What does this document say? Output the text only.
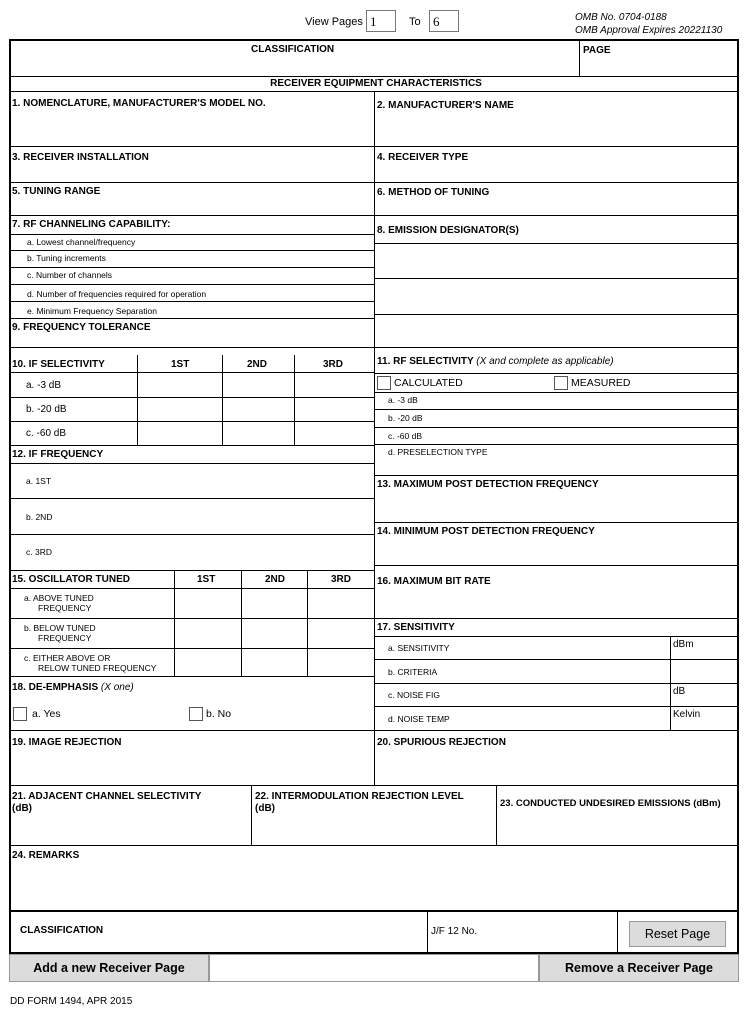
View Pages 1	To 6	OMB No. 0704-0188
OMB Approval Expires 20221130
CLASSIFICATION	PAGE
RECEIVER EQUIPMENT CHARACTERISTICS
1. NOMENCLATURE, MANUFACTURER'S MODEL NO.	2. MANUFACTURER'S NAME
3. RECEIVER INSTALLATION	4. RECEIVER TYPE
5. TUNING RANGE	6. METHOD OF TUNING
7. RF CHANNELING CAPABILITY:
a. Lowest channel/frequency
b. Tuning increments
c. Number of channels
d. Number of frequencies required for operation
e. Minimum Frequency Separation
8. EMISSION DESIGNATOR(S)
9. FREQUENCY TOLERANCE
10. IF SELECTIVITY	1ST	2ND	3RD
a. -3 dB
b. -20 dB
c. -60 dB
11. RF SELECTIVITY (X and complete as applicable)
CALCULATED	MEASURED
a. -3 dB
b. -20 dB
c. -60 dB
d. PRESELECTION TYPE
12. IF FREQUENCY
a. 1ST
b. 2ND
c. 3RD
13. MAXIMUM POST DETECTION FREQUENCY
14. MINIMUM POST DETECTION FREQUENCY
15. OSCILLATOR TUNED	1ST	2ND	3RD
a. ABOVE TUNED
FREQUENCY
b. BELOW TUNED
FREQUENCY
c. EITHER ABOVE OR
RELOW TUNED FREQUENCY
16. MAXIMUM BIT RATE
17. SENSITIVITY
a. SENSITIVITY	dBm
b. CRITERIA
c. NOISE FIG	dB
d. NOISE TEMP	Kelvin
18. DE-EMPHASIS (X one)
a. Yes	b. No
19. IMAGE REJECTION	20. SPURIOUS REJECTION
21. ADJACENT CHANNEL SELECTIVITY
(dB)
22. INTERMODULATION REJECTION LEVEL
(dB)	23. CONDUCTED UNDESIRED EMISSIONS (dBm)
24. REMARKS
CLASSIFICATION	J/F 12 No.	Reset Page
Add a new Receiver Page	Remove a Receiver Page
DD FORM 1494, APR 2015
